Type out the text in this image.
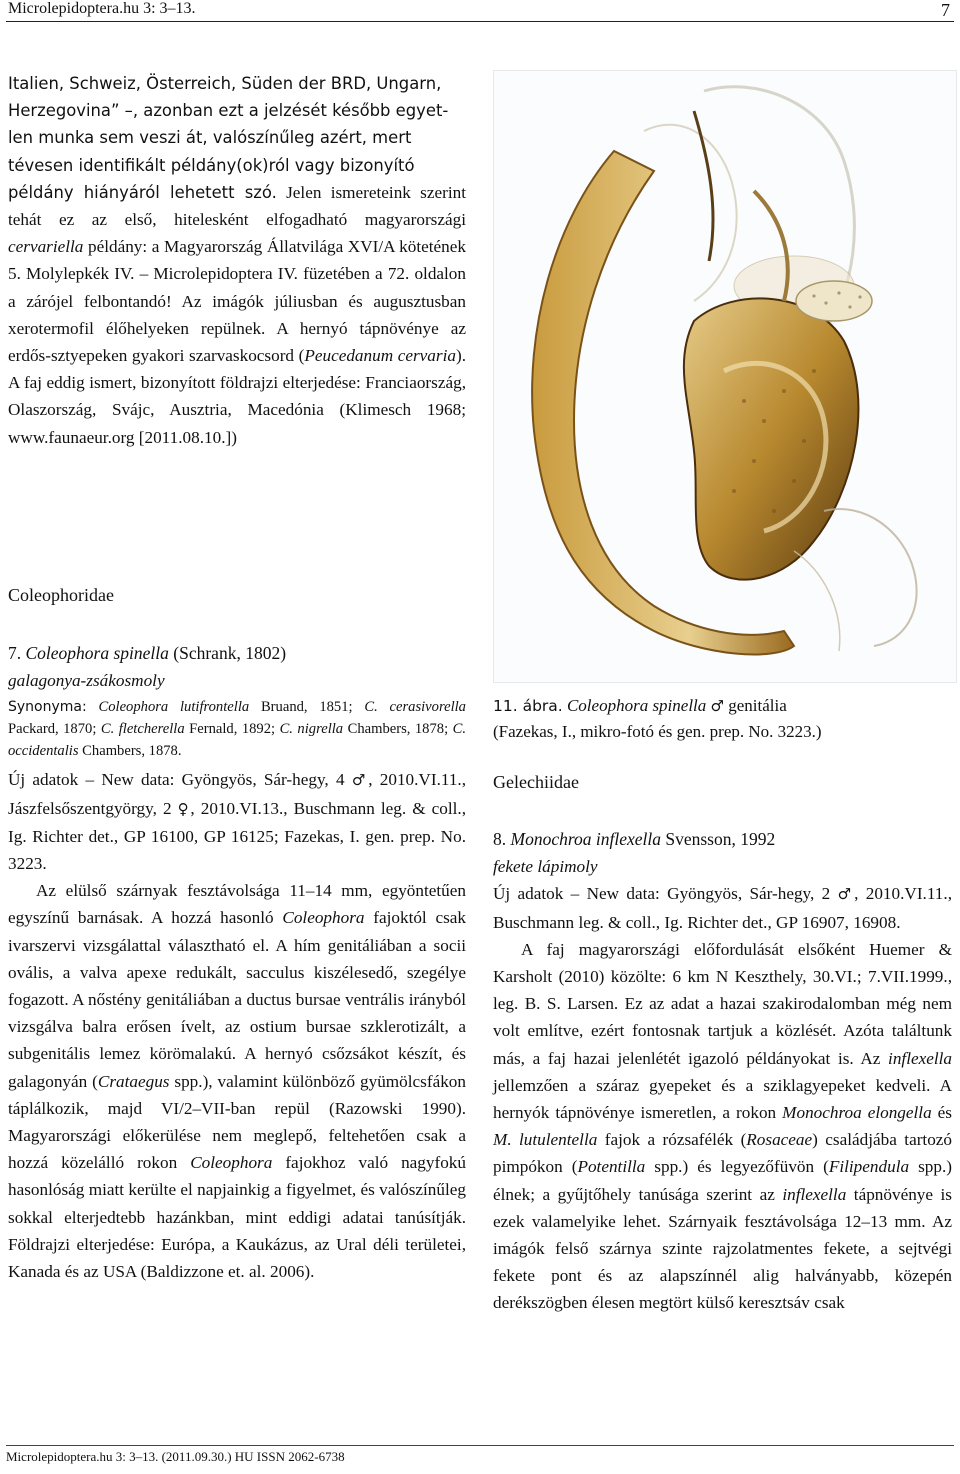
Microlepidoptera.hu 3: 3–13.	7

Italien, Schweiz, Österreich, Süden der BRD, Ungarn,
Herzegovina” –, azonban ezt a jelzését később egyet-
len munka sem veszi át, valószínűleg azért, mert
tévesen identifikált példány(ok)ról vagy bizonyító
példány hiányáról lehetett szó. Jelen ismereteink szerint tehát ez az első, hitelesként elfogadható magyarországi cervariella példány: a Magyarország Állatvilága XVI/A kötetének 5. Molylepkék IV. – Microlepidoptera IV. füzetében a 72. oldalon a zárójel felbontandó! Az imágók júliusban és augusztusban xerotermofil élőhelyeken repülnek. A hernyó tápnövénye az erdős-sztyepeken gyakori szarvaskocsord (Peucedanum cervaria). A faj eddig ismert, bizonyított földrajzi elterjedése: Franciaország, Olaszország, Svájc, Ausztria, Macedónia (Klimesch 1968; www.faunaeur.org [2011.08.10.])

Coleophoridae

7. Coleophora spinella (Schrank, 1802)

galagonya-zsákosmoly

Synonyma: Coleophora lutifrontella Bruand, 1851; C. cerasivorella Packard, 1870; C. fletcherella Fernald, 1892; C. nigrella Chambers, 1878; C. occidentalis Chambers, 1878.

Új adatok – New data: Gyöngyös, Sár-hegy, 4 ♂, 2010.VI.11., Jászfelsőszentgyörgy, 2 ♀, 2010.VI.13., Buschmann leg. & coll., Ig. Richter det., GP 16100, GP 16125; Fazekas, I. gen. prep. No. 3223.

Az elülső szárnyak fesztávolsága 11–14 mm, egyöntetűen egyszínű barnásak. A hozzá hasonló Coleophora fajoktól csak ivarszervi vizsgálattal választható el. A hím genitáliában a socii ovális, a valva apexe redukált, sacculus kiszélesedő, szegélye fogazott. A nőstény genitáliában a ductus bursae ventrális irányból vizsgálva balra erősen ívelt, az ostium bursae szklerotizált, a subgenitális lemez körömalakú. A hernyó csőzsákot készít, és galagonyán (Crataegus spp.), valamint különböző gyümölcsfákon táplálkozik, majd VI/2–VII-ban repül (Razowski 1990). Magyarországi előkerülése nem meglepő, feltehetően csak a hozzá közelálló rokon Coleophora fajokhoz való nagyfokú hasonlóság miatt kerülte el napjainkig a figyelmet, és valószínűleg sokkal elterjedtebb hazánkban, mint eddigi adatai tanúsítják. Földrajzi elterjedése: Európa, a Kaukázus, az Ural déli területei, Kanada és az USA (Baldizzone et. al. 2006).

11. ábra. Coleophora spinella ♂ genitália
(Fazekas, I., mikro-fotó és gen. prep. No. 3223.)

Gelechiidae

8. Monochroa inflexella Svensson, 1992

fekete lápimoly

Új adatok – New data: Gyöngyös, Sár-hegy, 2 ♂, 2010.VI.11., Buschmann leg. & coll., Ig. Richter det., GP 16907, 16908.

A faj magyarországi előfordulását elsőként Huemer & Karsholt (2010) közölte: 6 km N Keszthely, 30.VI.; 7.VII.1999., leg. B. S. Larsen. Ez az adat a hazai szakirodalomban még nem volt említve, ezért fontosnak tartjuk a közlését. Azóta találtunk más, a faj hazai jelenlétét igazoló példányokat is. Az inflexella jellemzően a száraz gyepeket és a sziklagyepeket kedveli. A hernyók tápnövénye ismeretlen, a rokon Monochroa elongella és M. lutulentella fajok a rózsafélék (Rosaceae) családjába tartozó pimpókon (Potentilla spp.) és legyezőfüvön (Filipendula spp.) élnek; a gyűjtőhely tanúsága szerint az inflexella tápnövénye is ezek valamelyike lehet. Szárnyaik fesztávolsága 12–13 mm. Az imágók felső szárnya szinte rajzolatmentes fekete, a sejtvégi fekete pont és az alapszínnél alig halványabb, közepén derékszögben élesen megtört külső keresztsáv csak

Microlepidoptera.hu 3: 3–13. (2011.09.30.) HU ISSN 2062-6738
